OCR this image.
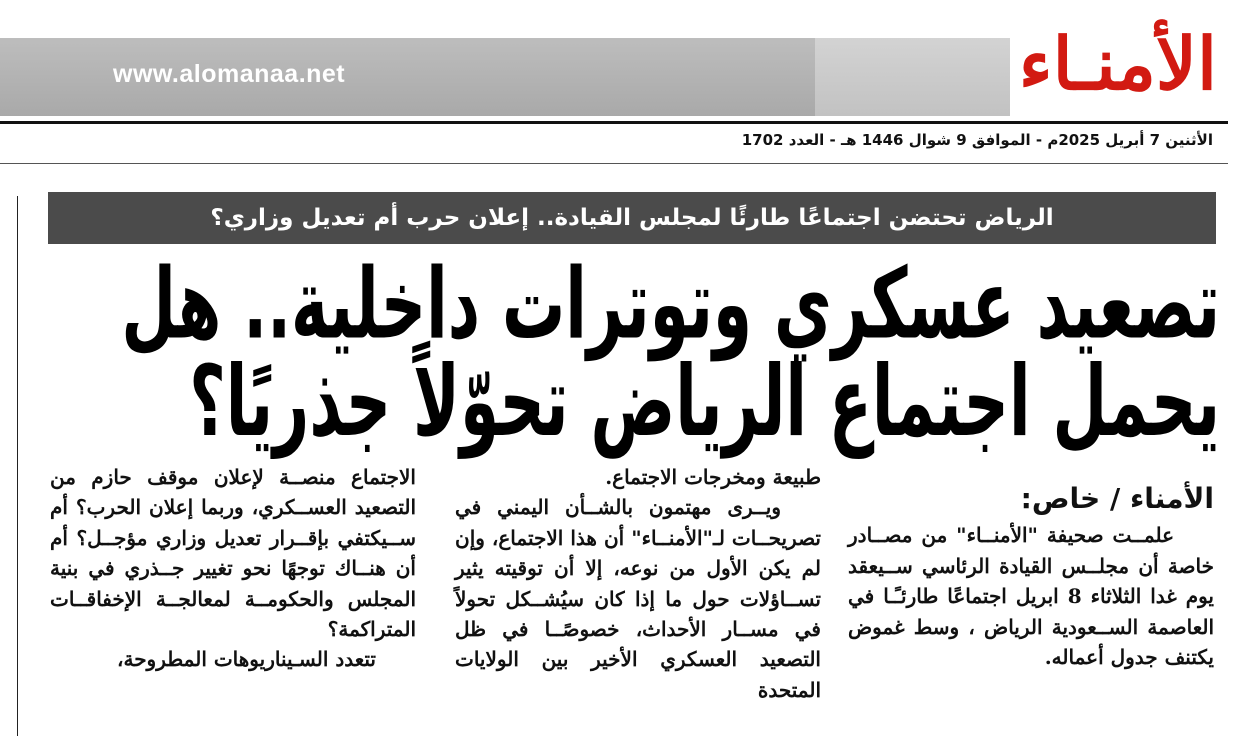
www.alomanaa.net	الأمنـاء
الأثنين 7 أبريل 2025م - الموافق 9 شوال 1446 هـ - العدد 1702
الرياض تحتضن اجتماعًا طارئًا لمجلس القيادة.. إعلان حرب أم تعديل وزاري؟
تصعيد عسكري وتوترات داخلية.. هل يحمل اجتماع الرياض تحوّلاً جذريًا؟
الأمناء / خاص:

علمــت صحيفة "الأمنــاء" من مصــادر خاصة أن مجلــس القيادة الرئاسي ســيعقد يوم غدا الثلاثاء 8 ابريل اجتماعًا طارئـًـا في العاصمة الســعودية الرياض ، وسط غموض يكتنف جدول أعماله.

طبيعة ومخرجات الاجتماع.

ويــرى مهتمون بالشــأن اليمني في تصريحــات لـ"الأمنــاء" أن هذا الاجتماع، وإن لم يكن الأول من نوعه، إلا أن توقيته يثير تســاؤلات حول ما إذا كان سيُشــكل تحولاً في مســار الأحداث، خصوصًــا في ظل التصعيد العسكري الأخير بين الولايات المتحدة

الاجتماع منصــة لإعلان موقف حازم من التصعيد العســكري، وربما إعلان الحرب؟ أم ســيكتفي بإقــرار تعديل وزاري مؤجــل؟ أم أن هنــاك توجهًا نحو تغيير جــذري في بنية المجلس والحكومــة لمعالجــة الإخفاقــات المتراكمة؟

تتعدد السـيناريوهات المطروحة،
